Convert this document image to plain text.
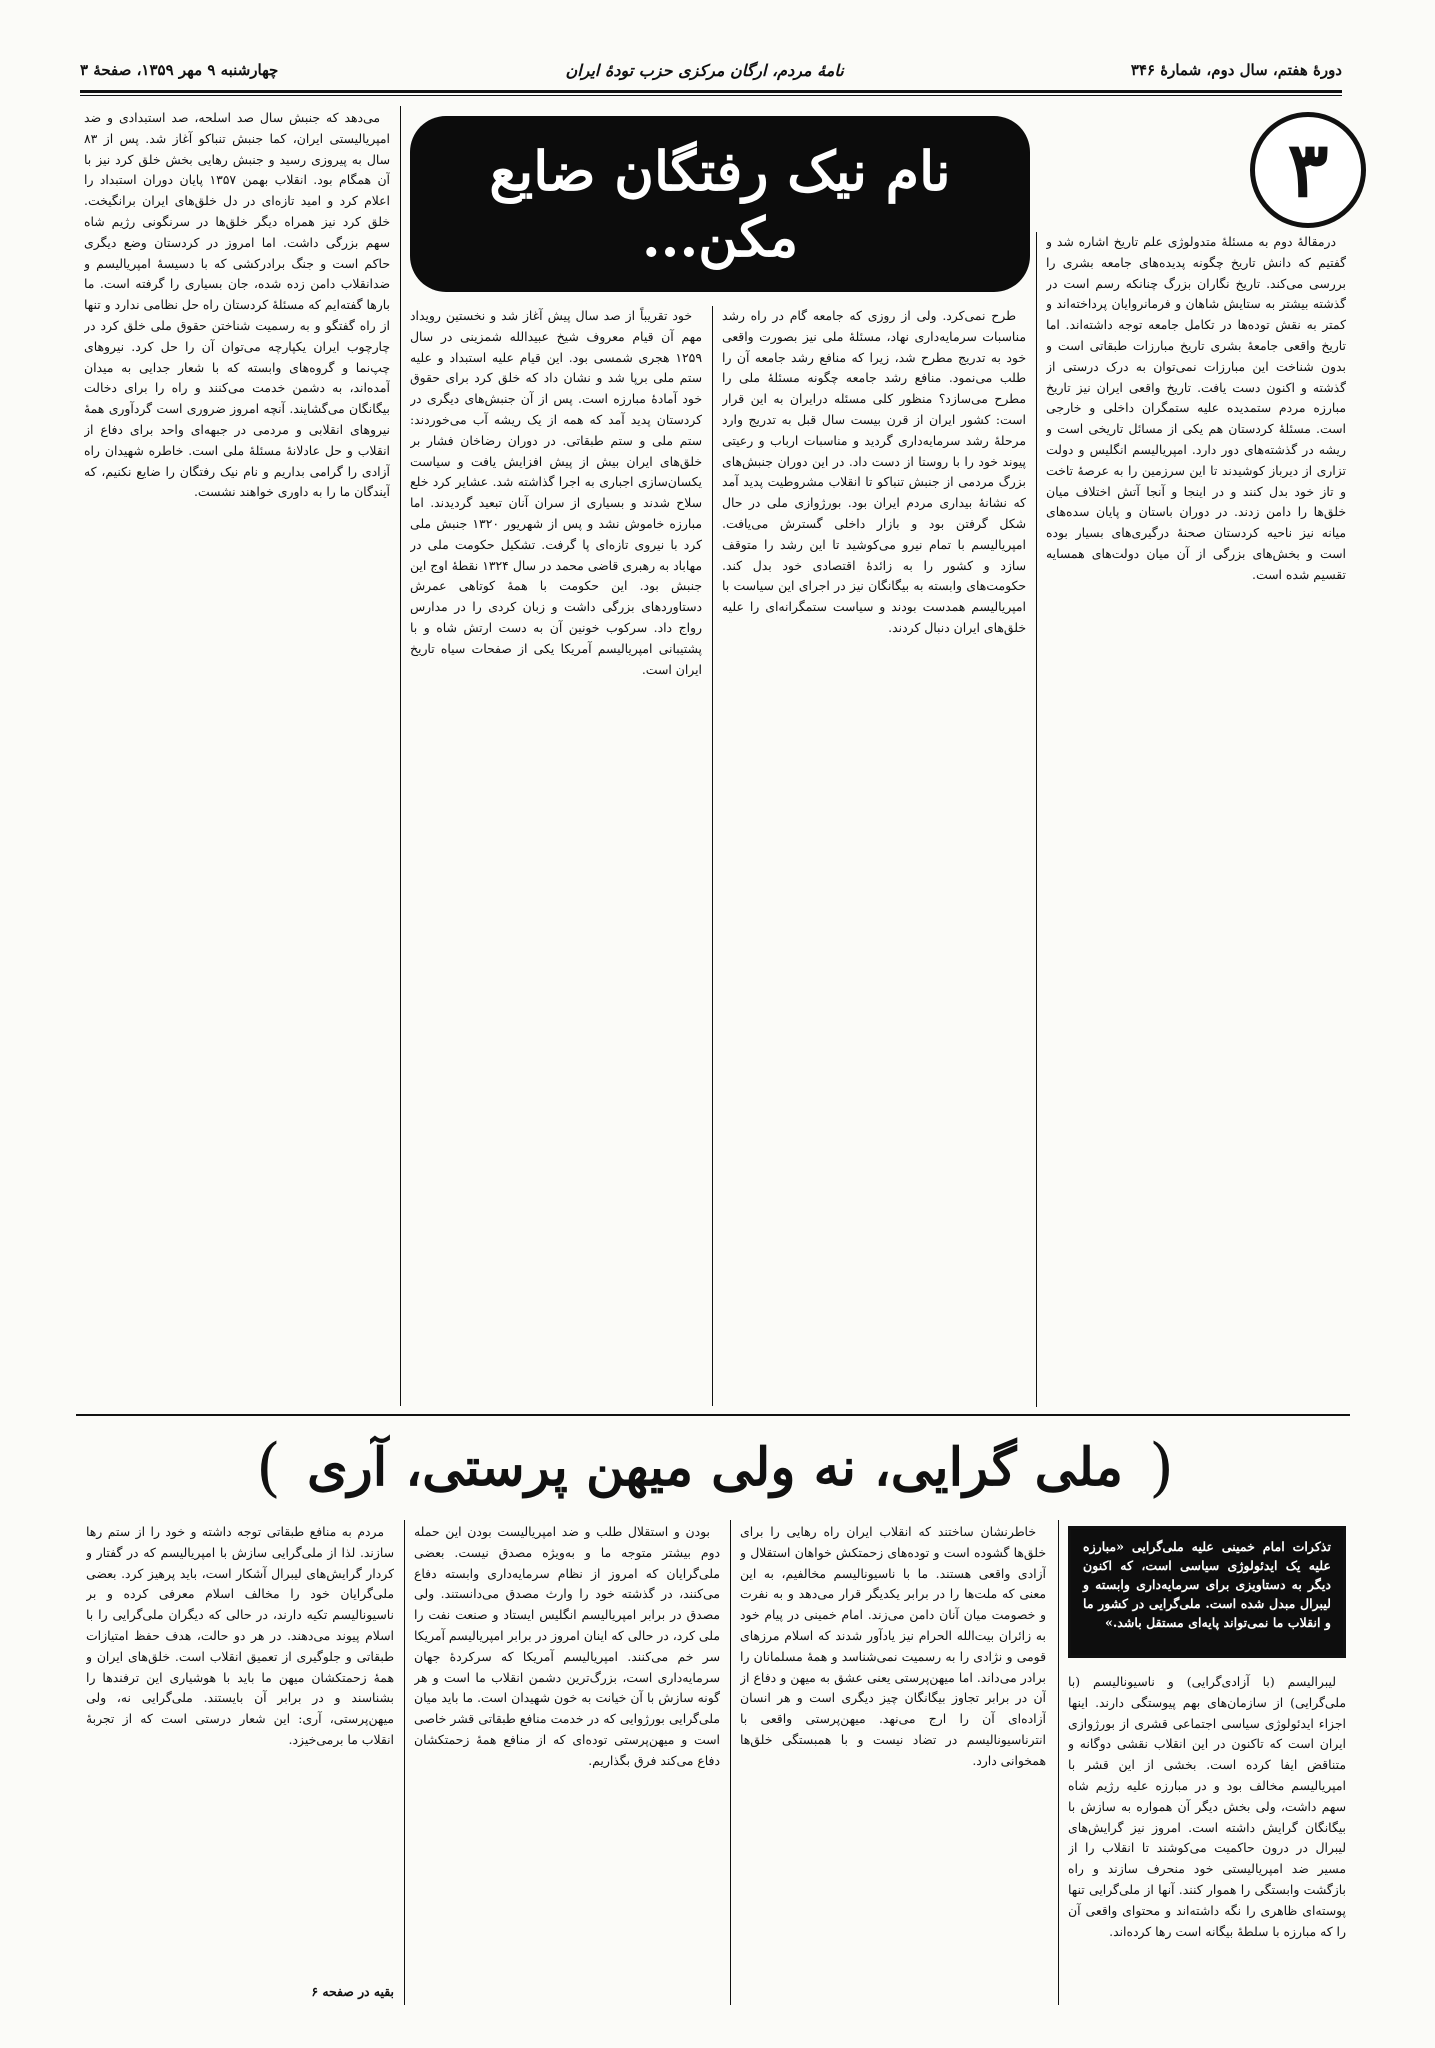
دورهٔ هفتم، سال دوم، شمارهٔ ۳۴۶
نامهٔ مردم، ارگان مرکزی حزب تودهٔ ایران
چهارشنبه ۹ مهر ۱۳۵۹، صفحهٔ ۳
۳
نام نیک رفتگان ضایع
مکن...	درمقالهٔ دوم به مسئلهٔ متدولوژی علم تاریخ اشاره شد و گفتیم که دانش تاریخ چگونه پدیده‌های جامعه بشری را بررسی می‌کند. تاریخ نگاران بزرگ چنانکه رسم است در گذشته بیشتر به ستایش شاهان و فرمانروایان پرداخته‌اند و کمتر به نقش توده‌ها در تکامل جامعه توجه داشته‌اند. اما تاریخ واقعی جامعهٔ بشری تاریخ مبارزات طبقاتی است و بدون شناخت این مبارزات نمی‌توان به درک درستی از گذشته و اکنون دست یافت. تاریخ واقعی ایران نیز تاریخ مبارزه مردم ستمدیده علیه ستمگران داخلی و خارجی است. مسئلهٔ کردستان هم یکی از مسائل تاریخی است و ریشه در گذشته‌های دور دارد. امپریالیسم انگلیس و دولت تزاری از دیرباز کوشیدند تا این سرزمین را به عرصهٔ تاخت و تاز خود بدل کنند و در اینجا و آنجا آتش اختلاف میان خلق‌ها را دامن زدند. در دوران باستان و پایان سده‌های میانه نیز ناحیه کردستان صحنهٔ درگیری‌های بسیار بوده است و بخش‌های بزرگی از آن میان دولت‌های همسایه تقسیم شده است.

طرح نمی‌کرد. ولی از روزی که جامعه گام در راه رشد مناسبات سرمایه‌داری نهاد، مسئلهٔ ملی نیز بصورت واقعی خود به تدریج مطرح شد، زیرا که منافع رشد جامعه آن را طلب می‌نمود. منافع رشد جامعه چگونه مسئلهٔ ملی را مطرح می‌سازد؟ منظور کلی مسئله درایران به این قرار است: کشور ایران از قرن بیست سال قبل به تدریج وارد مرحلهٔ رشد سرمایه‌داری گردید و مناسبات ارباب و رعیتی پیوند خود را با روستا از دست داد. در این دوران جنبش‌های بزرگ مردمی از جنبش تنباکو تا انقلاب مشروطیت پدید آمد که نشانهٔ بیداری مردم ایران بود. بورژوازی ملی در حال شکل گرفتن بود و بازار داخلی گسترش می‌یافت. امپریالیسم با تمام نیرو می‌کوشید تا این رشد را متوقف سازد و کشور را به زائدهٔ اقتصادی خود بدل کند. حکومت‌های وابسته به بیگانگان نیز در اجرای این سیاست با امپریالیسم همدست بودند و سیاست ستمگرانه‌ای را علیه خلق‌های ایران دنبال کردند.

خود تقریباً از صد سال پیش آغاز شد و نخستین رویداد مهم آن قیام معروف شیخ عبیدالله شمزینی در سال ۱۲۵۹ هجری شمسی بود. این قیام علیه استبداد و علیه ستم ملی برپا شد و نشان داد که خلق کرد برای حقوق خود آمادهٔ مبارزه است. پس از آن جنبش‌های دیگری در کردستان پدید آمد که همه از یک ریشه آب می‌خوردند: ستم ملی و ستم طبقاتی. در دوران رضاخان فشار بر خلق‌های ایران بیش از پیش افزایش یافت و سیاست یکسان‌سازی اجباری به اجرا گذاشته شد. عشایر کرد خلع سلاح شدند و بسیاری از سران آنان تبعید گردیدند. اما مبارزه خاموش نشد و پس از شهریور ۱۳۲۰ جنبش ملی کرد با نیروی تازه‌ای پا گرفت. تشکیل حکومت ملی در مهاباد به رهبری قاضی محمد در سال ۱۳۲۴ نقطهٔ اوج این جنبش بود. این حکومت با همهٔ کوتاهی عمرش دستاوردهای بزرگی داشت و زبان کردی را در مدارس رواج داد. سرکوب خونین آن به دست ارتش شاه و با پشتیبانی امپریالیسم آمریکا یکی از صفحات سیاه تاریخ ایران است.

می‌دهد که جنبش سال صد اسلحه، صد استبدادی و ضد امپریالیستی ایران، کما جنبش تنباکو آغاز شد. پس از ۸۳ سال به پیروزی رسید و جنبش رهایی بخش خلق کرد نیز با آن همگام بود. انقلاب بهمن ۱۳۵۷ پایان دوران استبداد را اعلام کرد و امید تازه‌ای در دل خلق‌های ایران برانگیخت. خلق کرد نیز همراه دیگر خلق‌ها در سرنگونی رژیم شاه سهم بزرگی داشت. اما امروز در کردستان وضع دیگری حاکم است و جنگ برادرکشی که با دسیسهٔ امپریالیسم و ضدانقلاب دامن زده شده، جان بسیاری را گرفته است. ما بارها گفته‌ایم که مسئلهٔ کردستان راه حل نظامی ندارد و تنها از راه گفتگو و به رسمیت شناختن حقوق ملی خلق کرد در چارچوب ایران یکپارچه می‌توان آن را حل کرد. نیروهای چپ‌نما و گروه‌های وابسته که با شعار جدایی به میدان آمده‌اند، به دشمن خدمت می‌کنند و راه را برای دخالت بیگانگان می‌گشایند. آنچه امروز ضروری است گردآوری همهٔ نیروهای انقلابی و مردمی در جبهه‌ای واحد برای دفاع از انقلاب و حل عادلانهٔ مسئلهٔ ملی است. خاطره شهیدان راه آزادی را گرامی بداریم و نام نیک رفتگان را ضایع نکنیم، که آیندگان ما را به داوری خواهند نشست.

(
ملی گرایی، نه ولی میهن پرستی، آری
)
تذکرات امام خمینی علیه ملی‌گرایی «مبارزه علیه یک ایدئولوژی سیاسی است، که اکنون دیگر به دستاویزی برای سرمایه‌داری وابسته و لیبرال مبدل شده است. ملی‌گرایی در کشور ما و انقلاب ما نمی‌تواند پایه‌ای مستقل باشد.»

لیبرالیسم (با آزادی‌گرایی) و ناسیونالیسم (با ملی‌گرایی) از سازمان‌های بهم پیوستگی دارند. اینها اجزاء ایدئولوژی سیاسی اجتماعی قشری از بورژوازی ایران است که تاکنون در این انقلاب نقشی دوگانه و متناقض ایفا کرده است. بخشی از این قشر با امپریالیسم مخالف بود و در مبارزه علیه رژیم شاه سهم داشت، ولی بخش دیگر آن همواره به سازش با بیگانگان گرایش داشته است. امروز نیز گرایش‌های لیبرال در درون حاکمیت می‌کوشند تا انقلاب را از مسیر ضد امپریالیستی خود منحرف سازند و راه بازگشت وابستگی را هموار کنند. آنها از ملی‌گرایی تنها پوسته‌ای ظاهری را نگه داشته‌اند و محتوای واقعی آن را که مبارزه با سلطهٔ بیگانه است رها کرده‌اند.

خاطرنشان ساختند که انقلاب ایران راه رهایی را برای خلق‌ها گشوده است و توده‌های زحمتکش خواهان استقلال و آزادی واقعی هستند. ما با ناسیونالیسم مخالفیم، به این معنی که ملت‌ها را در برابر یکدیگر قرار می‌دهد و به نفرت و خصومت میان آنان دامن می‌زند. امام خمینی در پیام خود به زائران بیت‌الله الحرام نیز یادآور شدند که اسلام مرزهای قومی و نژادی را به رسمیت نمی‌شناسد و همهٔ مسلمانان را برادر می‌داند. اما میهن‌پرستی یعنی عشق به میهن و دفاع از آن در برابر تجاوز بیگانگان چیز دیگری است و هر انسان آزاده‌ای آن را ارج می‌نهد. میهن‌پرستی واقعی با انترناسیونالیسم در تضاد نیست و با همبستگی خلق‌ها همخوانی دارد.

بودن و استقلال طلب و ضد امپریالیست بودن این حمله دوم بیشتر متوجه ما و به‌ویژه مصدق نیست. بعضی ملی‌گرایان که امروز از نظام سرمایه‌داری وابسته دفاع می‌کنند، در گذشته خود را وارث مصدق می‌دانستند. ولی مصدق در برابر امپریالیسم انگلیس ایستاد و صنعت نفت را ملی کرد، در حالی که اینان امروز در برابر امپریالیسم آمریکا سر خم می‌کنند. امپریالیسم آمریکا که سرکردهٔ جهان سرمایه‌داری است، بزرگ‌ترین دشمن انقلاب ما است و هر گونه سازش با آن خیانت به خون شهیدان است. ما باید میان ملی‌گرایی بورژوایی که در خدمت منافع طبقاتی قشر خاصی است و میهن‌پرستی توده‌ای که از منافع همهٔ زحمتکشان دفاع می‌کند فرق بگذاریم.

مردم به منافع طبقاتی توجه داشته و خود را از ستم رها سازند. لذا از ملی‌گرایی سازش با امپریالیسم که در گفتار و کردار گرایش‌های لیبرال آشکار است، باید پرهیز کرد. بعضی ملی‌گرایان خود را مخالف اسلام معرفی کرده و بر ناسیونالیسم تکیه دارند، در حالی که دیگران ملی‌گرایی را با اسلام پیوند می‌دهند. در هر دو حالت، هدف حفظ امتیازات طبقاتی و جلوگیری از تعمیق انقلاب است. خلق‌های ایران و همهٔ زحمتکشان میهن ما باید با هوشیاری این ترفندها را بشناسند و در برابر آن بایستند. ملی‌گرایی نه، ولی میهن‌پرستی، آری: این شعار درستی است که از تجربهٔ انقلاب ما برمی‌خیزد.

بقیه در صفحه ۶
